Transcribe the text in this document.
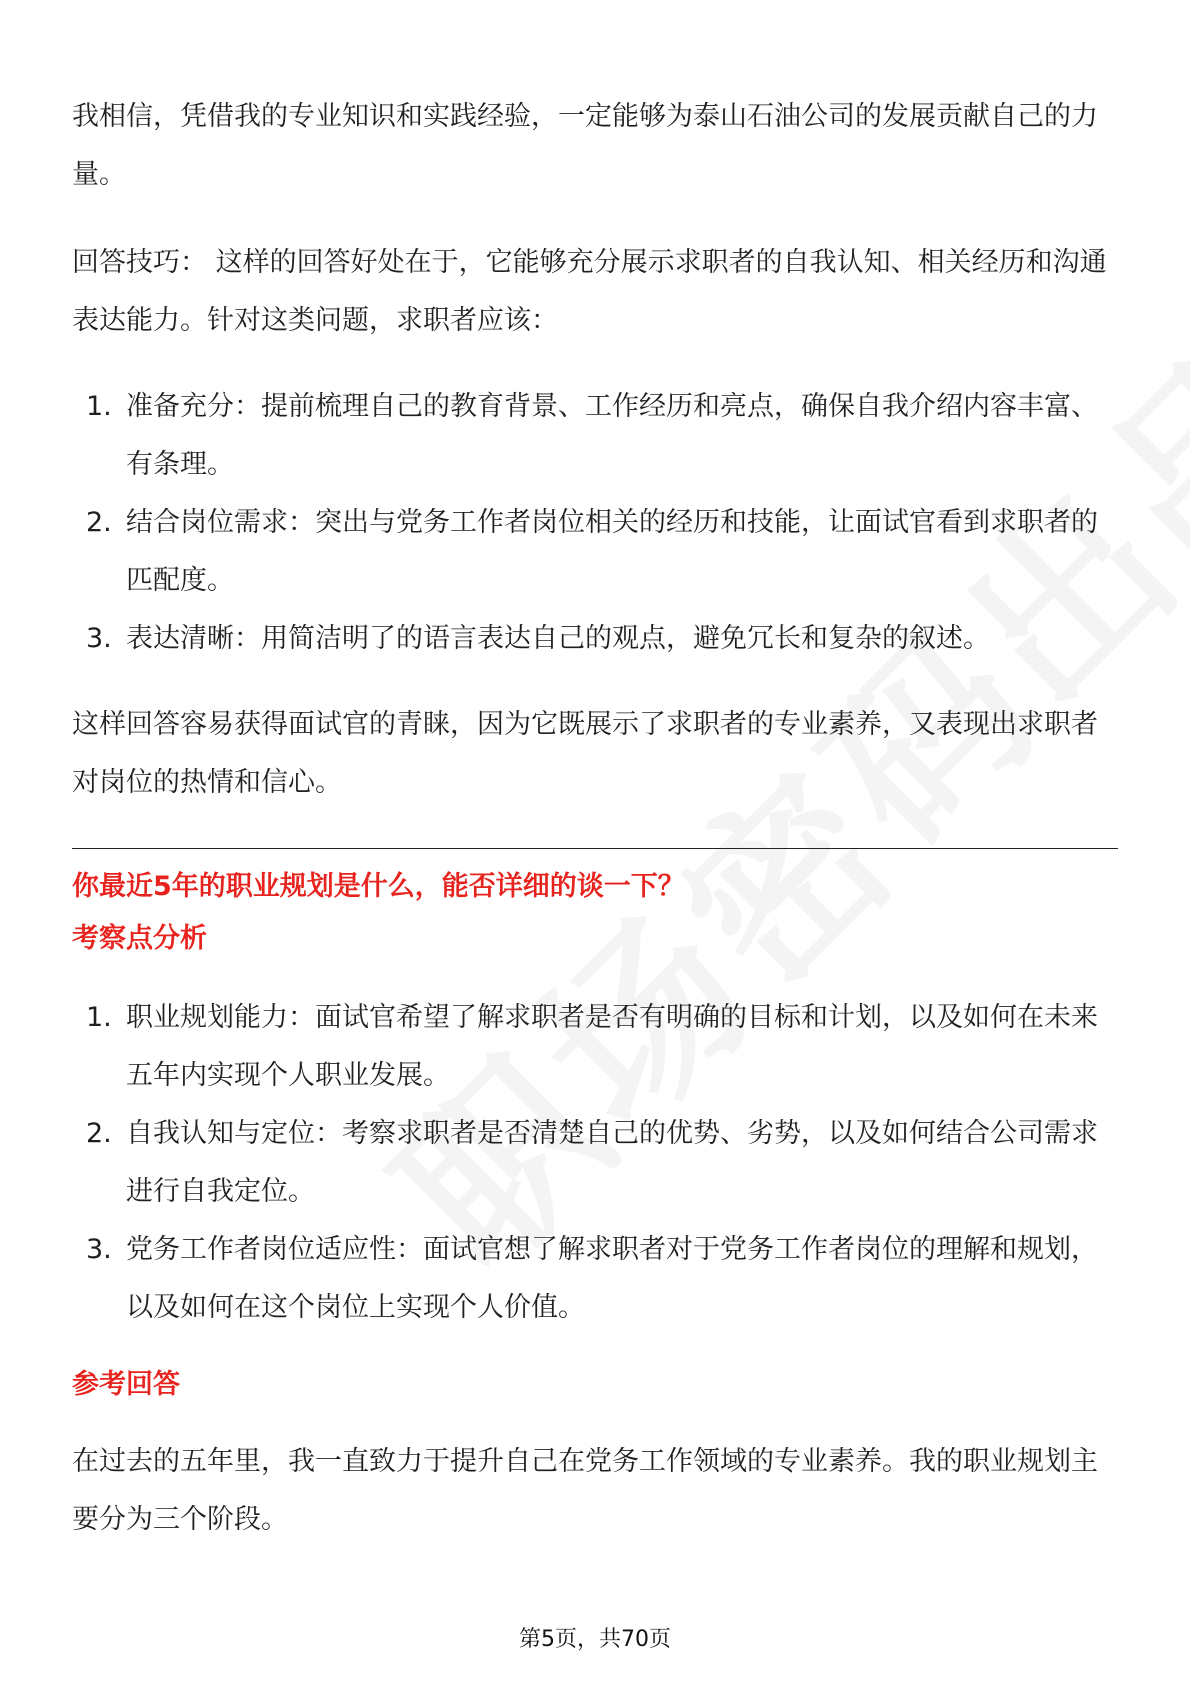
我相信，凭借我的专业知识和实践经验，一定能够为泰山石油公司的发展贡献自己的力量。

回答技巧： 这样的回答好处在于，它能够充分展示求职者的自我认知、相关经历和沟通表达能力。针对这类问题，求职者应该：

1. 准备充分：提前梳理自己的教育背景、工作经历和亮点，确保自我介绍内容丰富、有条理。
2. 结合岗位需求：突出与党务工作者岗位相关的经历和技能，让面试官看到求职者的匹配度。
3. 表达清晰：用简洁明了的语言表达自己的观点，避免冗长和复杂的叙述。

这样回答容易获得面试官的青睐，因为它既展示了求职者的专业素养，又表现出求职者对岗位的热情和信心。

你最近5年的职业规划是什么，能否详细的谈一下？

考察点分析

1. 职业规划能力：面试官希望了解求职者是否有明确的目标和计划，以及如何在未来五年内实现个人职业发展。
2. 自我认知与定位：考察求职者是否清楚自己的优势、劣势，以及如何结合公司需求进行自我定位。
3. 党务工作者岗位适应性：面试官想了解求职者对于党务工作者岗位的理解和规划，以及如何在这个岗位上实现个人价值。

参考回答

在过去的五年里，我一直致力于提升自己在党务工作领域的专业素养。我的职业规划主要分为三个阶段。

第5页，共70页
